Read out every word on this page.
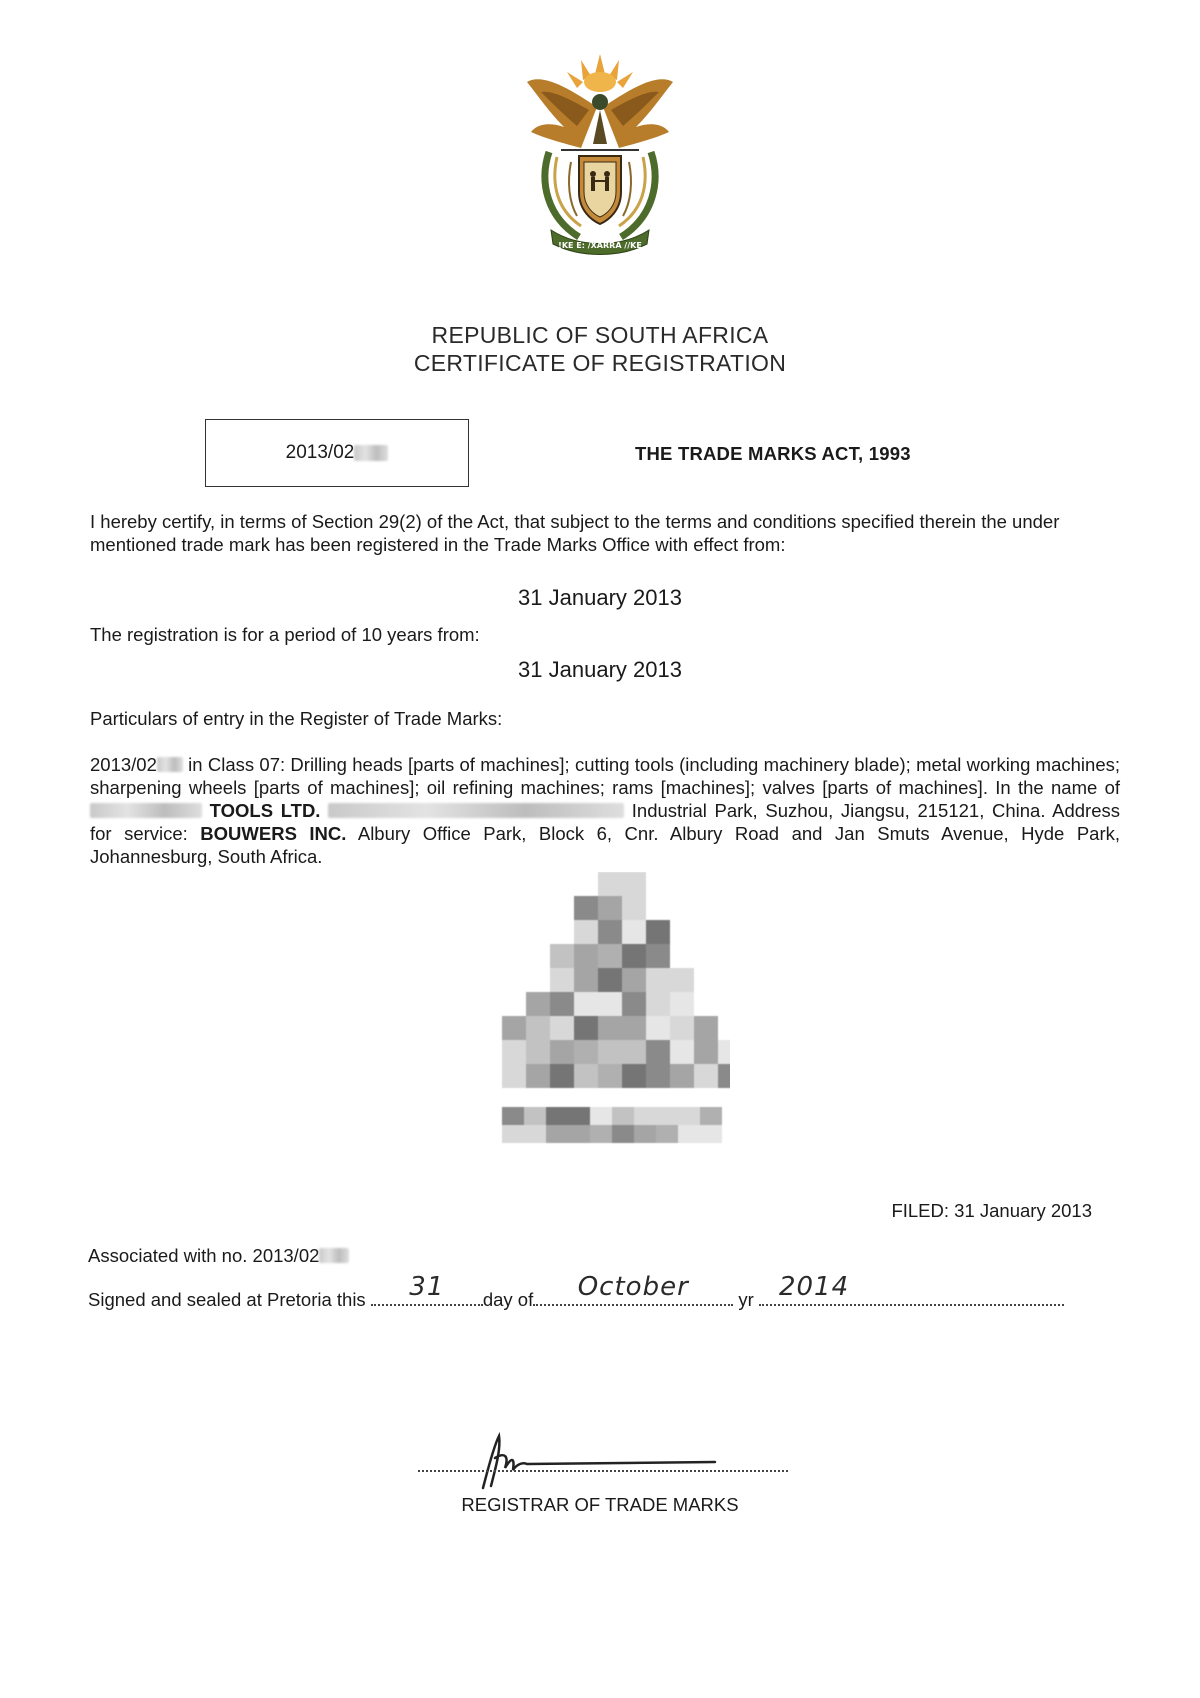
!KE E: /XARRA //KE
REPUBLIC OF SOUTH AFRICA
CERTIFICATE OF REGISTRATION
2013/02	THE TRADE MARKS ACT, 1993
I hereby certify, in terms of Section 29(2) of the Act, that subject to the terms and conditions specified therein the under mentioned trade mark has been registered in the Trade Marks Office with effect from:
31 January 2013
The registration is for a period of 10 years from:
31 January 2013
Particulars of entry in the Register of Trade Marks:
2013/02 in Class 07: Drilling heads [parts of machines]; cutting tools (including machinery blade); metal working machines; sharpening wheels [parts of machines]; oil refining machines; rams [machines]; valves [parts of machines]. In the name of  TOOLS LTD.	Industrial Park, Suzhou, Jiangsu, 215121, China. Address for service: BOUWERS INC. Albury Office Park, Block 6, Cnr. Albury Road and Jan Smuts Avenue, Hyde Park, Johannesburg, South Africa.
FILED: 31 January 2013
Associated with no. 2013/02
Signed and sealed at Pretoria this	31	day of	October	yr 2014
REGISTRAR OF TRADE MARKS
